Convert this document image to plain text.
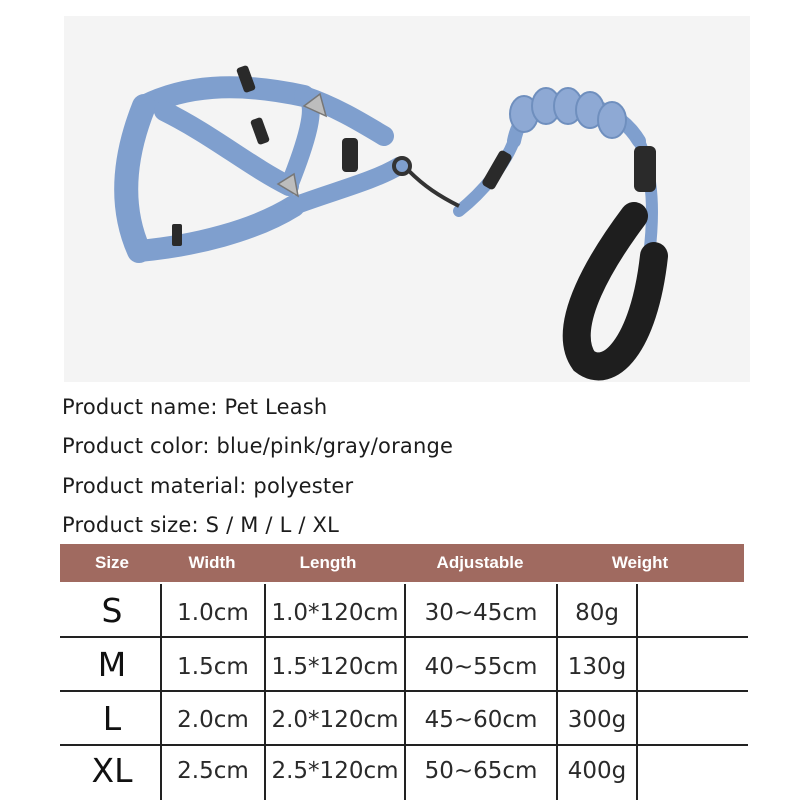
Product name: Pet Leash
Product color: blue/pink/gray/orange
Product material: polyester
Product size: S / M / L / XL
Size	Width	Length	Adjustable	Weight
S	1.0cm 1.0*120cm	30~45cm	80g
M	1.5cm 1.5*120cm	40~55cm	130g
L	2.0cm 2.0*120cm	45~60cm	300g
XL	2.5cm 2.5*120cm	50~65cm	400g
